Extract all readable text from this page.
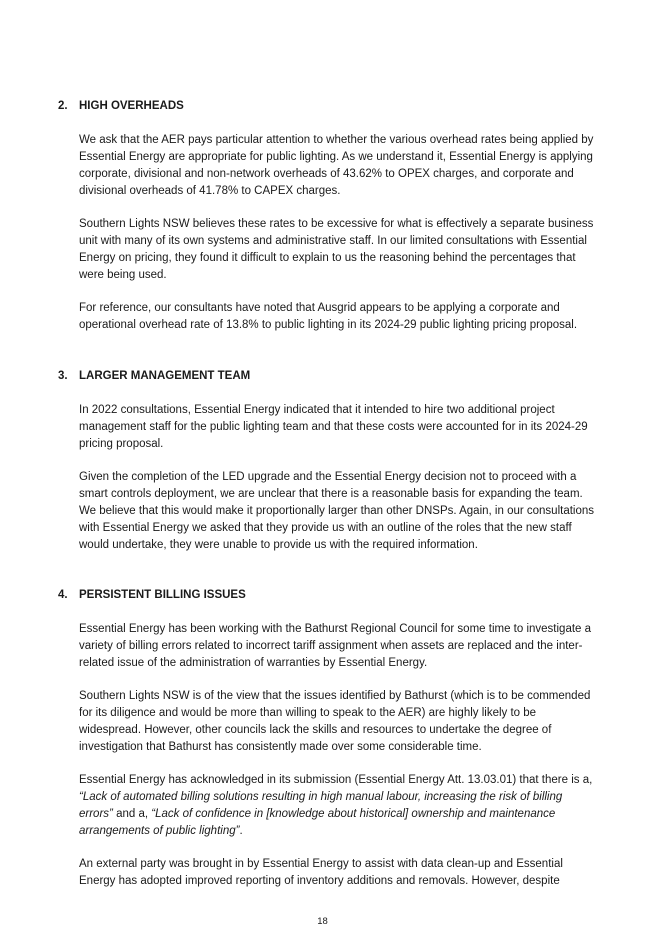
2. HIGH OVERHEADS

We ask that the AER pays particular attention to whether the various overhead rates being applied by Essential Energy are appropriate for public lighting. As we understand it, Essential Energy is applying corporate, divisional and non-network overheads of 43.62% to OPEX charges, and corporate and divisional overheads of 41.78% to CAPEX charges.

Southern Lights NSW believes these rates to be excessive for what is effectively a separate business unit with many of its own systems and administrative staff. In our limited consultations with Essential Energy on pricing, they found it difficult to explain to us the reasoning behind the percentages that were being used.

For reference, our consultants have noted that Ausgrid appears to be applying a corporate and operational overhead rate of 13.8% to public lighting in its 2024-29 public lighting pricing proposal.

3. LARGER MANAGEMENT TEAM

In 2022 consultations, Essential Energy indicated that it intended to hire two additional project management staff for the public lighting team and that these costs were accounted for in its 2024-29 pricing proposal.

Given the completion of the LED upgrade and the Essential Energy decision not to proceed with a smart controls deployment, we are unclear that there is a reasonable basis for expanding the team. We believe that this would make it proportionally larger than other DNSPs. Again, in our consultations with Essential Energy we asked that they provide us with an outline of the roles that the new staff would undertake, they were unable to provide us with the required information.

4. PERSISTENT BILLING ISSUES

Essential Energy has been working with the Bathurst Regional Council for some time to investigate a variety of billing errors related to incorrect tariff assignment when assets are replaced and the inter-related issue of the administration of warranties by Essential Energy.

Southern Lights NSW is of the view that the issues identified by Bathurst (which is to be commended for its diligence and would be more than willing to speak to the AER) are highly likely to be widespread. However, other councils lack the skills and resources to undertake the degree of investigation that Bathurst has consistently made over some considerable time.

Essential Energy has acknowledged in its submission (Essential Energy Att. 13.03.01) that there is a, “Lack of automated billing solutions resulting in high manual labour, increasing the risk of billing errors” and a, “Lack of confidence in [knowledge about historical] ownership and maintenance arrangements of public lighting”.

An external party was brought in by Essential Energy to assist with data clean-up and Essential Energy has adopted improved reporting of inventory additions and removals. However, despite

18
